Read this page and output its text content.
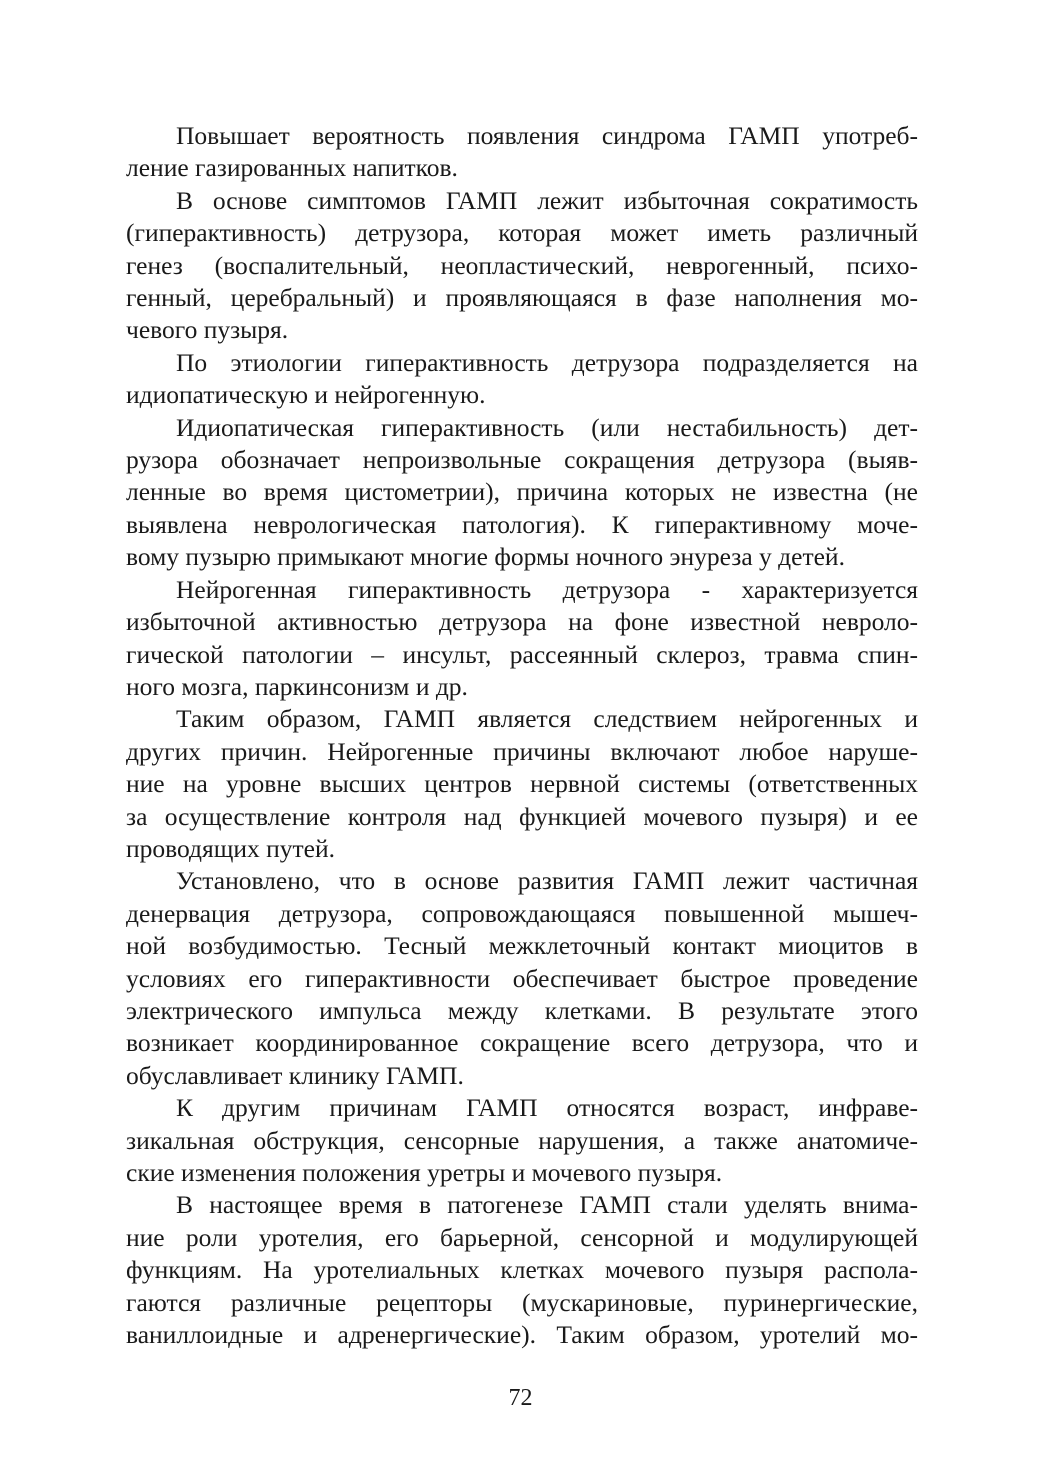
Повышает вероятность появления синдрома ГАМП употреб-
ление газированных напитков.
В основе симптомов ГАМП лежит избыточная сократимость
(гиперактивность) детрузора, которая может иметь различный
генез (воспалительный, неопластический, неврогенный, психо-
генный, церебральный) и проявляющаяся в фазе наполнения мо-
чевого пузыря.
По этиологии гиперактивность детрузора подразделяется на
идиопатическую и нейрогенную.
Идиопатическая гиперактивность (или нестабильность) дет-
рузора обозначает непроизвольные сокращения детрузора (выяв-
ленные во время цистометрии), причина которых не известна (не
выявлена неврологическая патология). К гиперактивному моче-
вому пузырю примыкают многие формы ночного энуреза у детей.
Нейрогенная гиперактивность детрузора - характеризуется
избыточной активностью детрузора на фоне известной невроло-
гической патологии – инсульт, рассеянный склероз, травма спин-
ного мозга, паркинсонизм и др.
Таким образом, ГАМП является следствием нейрогенных и
других причин. Нейрогенные причины включают любое наруше-
ние на уровне высших центров нервной системы (ответственных
за осуществление контроля над функцией мочевого пузыря) и ее
проводящих путей.
Установлено, что в основе развития ГАМП лежит частичная
денервация детрузора, сопровождающаяся повышенной мышеч-
ной возбудимостью. Тесный межклеточный контакт миоцитов в
условиях его гиперактивности обеспечивает быстрое проведение
электрического импульса между клетками. В результате этого
возникает координированное сокращение всего детрузора, что и
обуславливает клинику ГАМП.
К другим причинам ГАМП относятся возраст, инфраве-
зикальная обструкция, сенсорные нарушения, а также анатомиче-
ские изменения положения уретры и мочевого пузыря.
В настоящее время в патогенезе ГАМП стали уделять внима-
ние роли уротелия, его барьерной, сенсорной и модулирующей
функциям. На уротелиальных клетках мочевого пузыря распола-
гаются различные рецепторы (мускариновые, пуринергические,
ваниллоидные и адренергические). Таким образом, уротелий мо-
72
